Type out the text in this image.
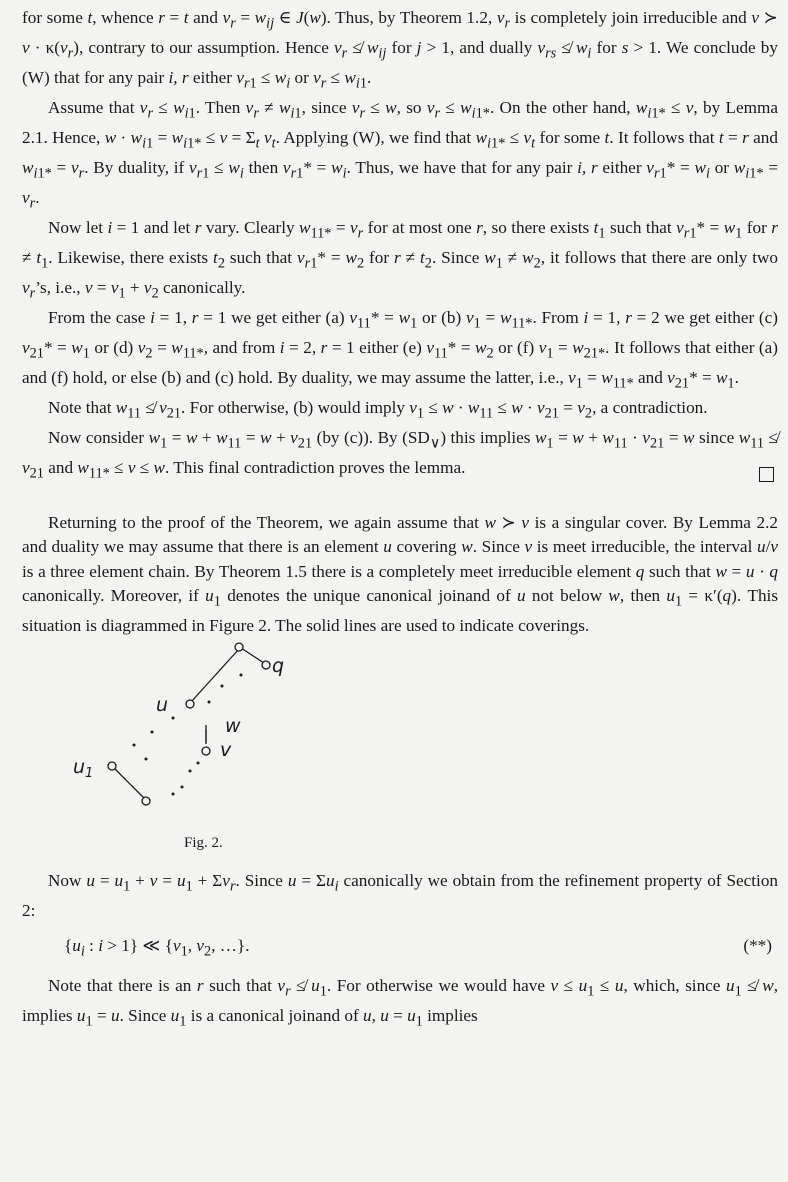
for some t, whence r = t and $v_r = w_{ij}$ ∈ J(w). Thus, by Theorem 1.2, $v_r$ is completely join irreducible and v ≻ $v \cdot \kappa(v_r)$, contrary to our assumption. Hence $v_r$ ≰ $w_{ij}$ for j > 1, and dually $v_{rs}$ ≰ $w_i$ for s > 1. We conclude by (W) that for any pair i, r either $v_{r1} \le w_i$ or $v_r \le w_{i1}$.

Assume that $v_r \le w_{i1}$. Then $v_r \ne w_{i1}$, since $v_r \le w$, so $v_r \le w_{i1*}$. On the other hand, $w_{i1*} \le v$, by Lemma 2.1. Hence, $w \cdot w_{i1} = w_{i1*} \le v = \Sigma_t$ $v_t$. Applying (W), we find that $w_{i1*} \le v_t$ for some t. It follows that t = r and $w_{i1*} = v_r$. By duality, if $v_{r1} \le w_i$ then $v_{r1}* = w_i$. Thus, we have that for any pair i, r either $v_{r1}* = w_i$ or $w_{i1*} = v_r$.

Now let i = 1 and let r vary. Clearly $w_{11*} = v_r$ for at most one r, so there exists $t_1$ such that $v_{r1}* = w_1$ for $r \ne t_1$. Likewise, there exists $t_2$ such that $v_{r1}* = w_2$ for $r \ne t_2$. Since $w_1 \ne w_2$, it follows that there are only two $v_r’s$, i.e., $v = v_1 + v_2$ canonically.

From the case i = 1, r = 1 we get either (a) $v_{11}* = w_1$ or (b) $v_1 = w_{11*}$. From i = 1, r = 2 we get either (c) $v_{21}* = w_1$ or (d) $v_2 = w_{11*}$, and from i = 2, r = 1 either (e) $v_{11}* = w_2$ or (f) $v_1 = w_{21*}$. It follows that either (a) and (f) hold, or else (b) and (c) hold. By duality, we may assume the latter, i.e., $v_1 = w_{11*}$ and $v_{21}* = w_1$.

Note that $w_{11}$ ≰ $v_{21}$. For otherwise, (b) would imply $v_1 \le w \cdot w_{11} \le w \cdot v_{21} = v_2$, a contradiction.

Now consider $w_1 = w + w_{11} = w + v_{21}$ (by (c)). By $(SD_\vee)$ this implies $w_1 = w + w_{11} \cdot v_{21} = w$ since $w_{11}$ ≰ $v_{21}$ and $w_{11*} \le v \le w$. This final contradiction proves the lemma.

Returning to the proof of the Theorem, we again assume that w ≻ v is a singular cover. By Lemma 2.2 and duality we may assume that there is an element u covering w. Since v is meet irreducible, the interval u/v is a three element chain. By Theorem 1.5 there is a completely meet irreducible element q such that w = u · q canonically. Moreover, if $u_1$ denotes the unique canonical joinand of u not below w, then $u_1 = \kappa'(q)$. This situation is diagrammed in Figure 2. The solid lines are used to indicate coverings.

q
u
w
v
$u_1$
Fig. 2.

Now $u = u_1 + v = u_1 + \Sigma v_r$. Since $u = \Sigma u_i$ canonically we obtain from the refinement property of Section 2:

{$u_i$ : i > 1} ≪ {$v_1$, $v_2$, …}.	(**)

Note that there is an r such that $v_r$ ≰ $u_1$. For otherwise we would have $v \le u_1 \le u$, which, since $u_1$ ≰ w, implies $u_1 = u$. Since $u_1$ is a canonical joinand of u, $u = u_1$ implies
